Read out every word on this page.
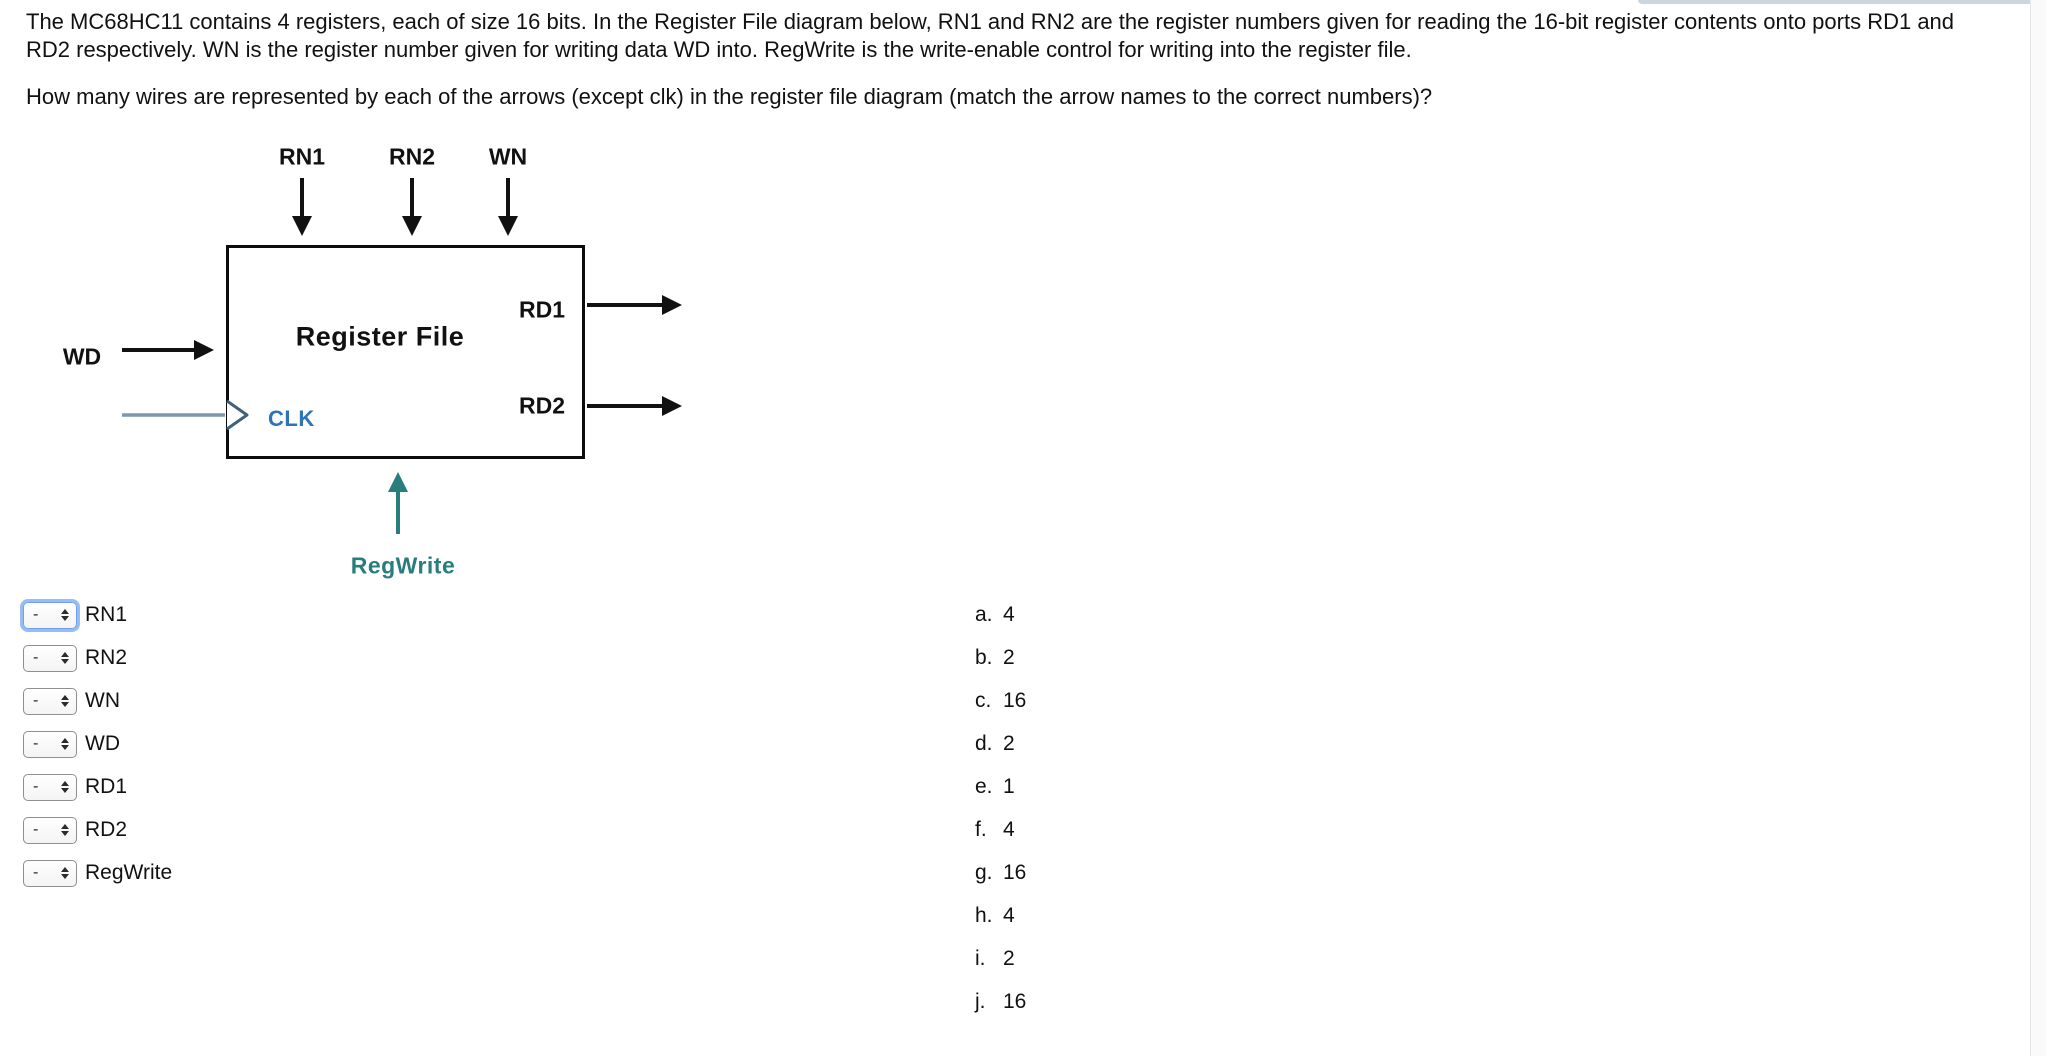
The MC68HC11 contains 4 registers, each of size 16 bits. In the Register File diagram below, RN1 and RN2 are the register numbers given for reading the 16-bit register contents onto ports RD1 and RD2 respectively. WN is the register number given for writing data WD into. RegWrite is the write-enable control for writing into the register file.
How many wires are represented by each of the arrows (except clk) in the register file diagram (match the arrow names to the correct numbers)?
RN1	RN2 WN
WD
RD1
RD2
Register File
CLK
RegWrite
-	RN1
-	RN2
-	WN
-	WD
-	RD1
-	RD2
-	RegWrite
a. 4
b. 2
c. 16
d. 2
e. 1
f. 4
g. 16
h. 4
i. 2
j. 16
